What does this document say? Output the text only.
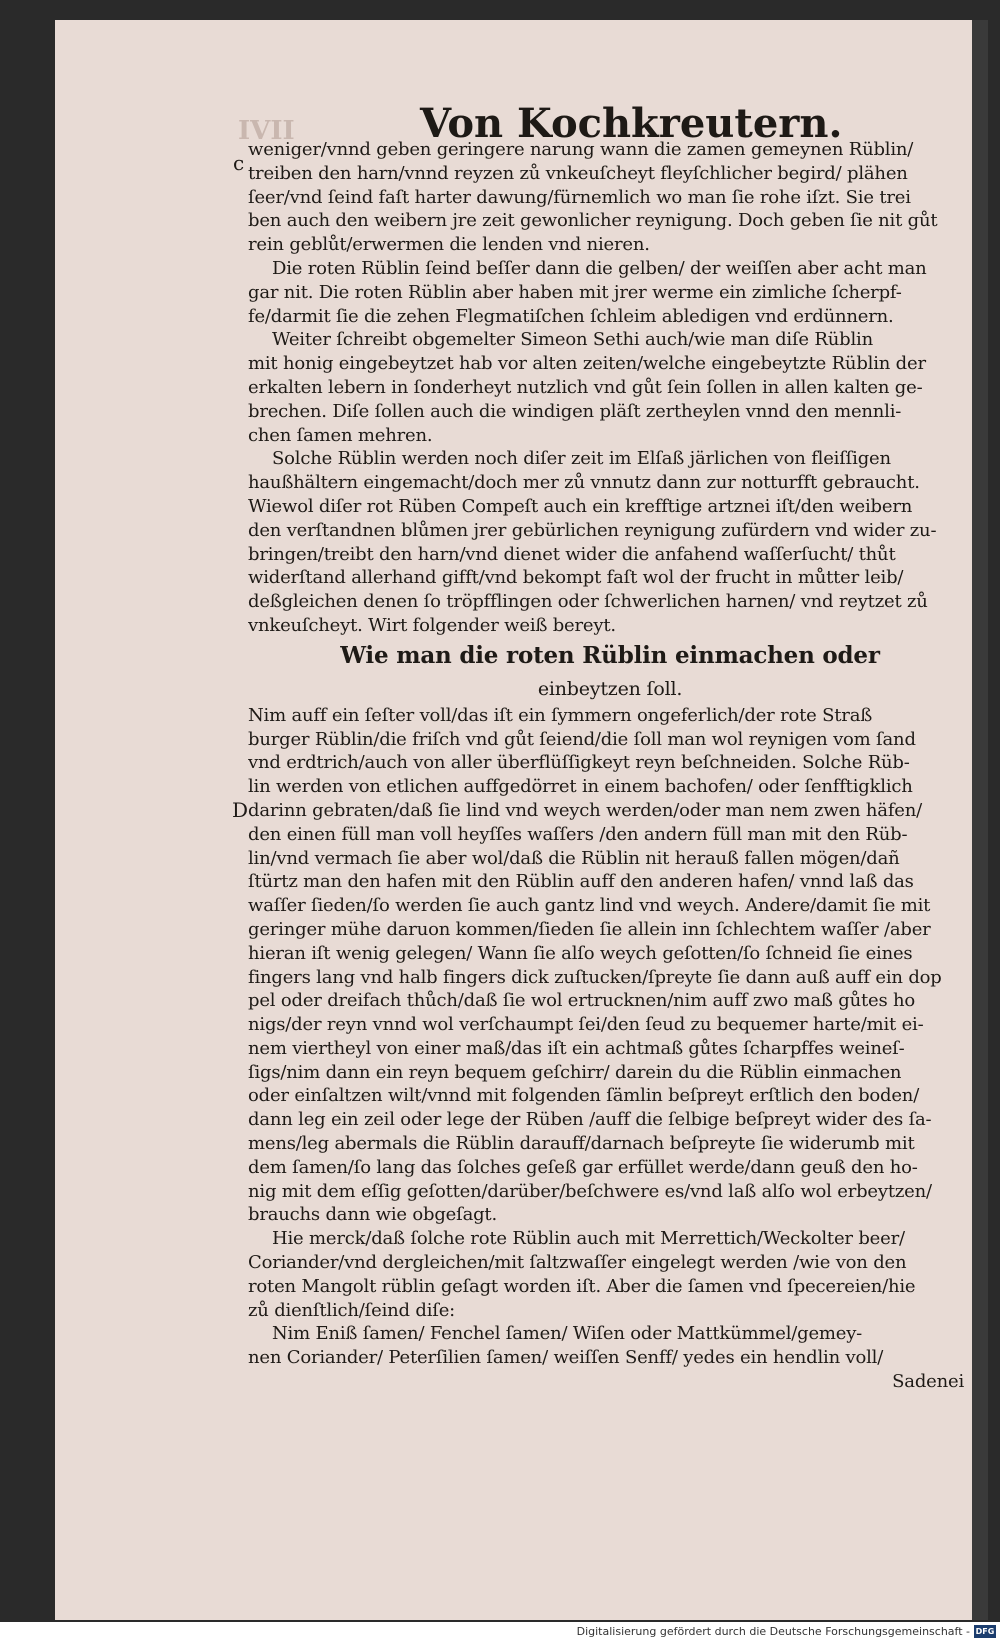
IVII	Von Kochkreutern.
c
D
weniger/vnnd geben geringere narung wann die zamen gemeynen Rüblin/
treiben den harn/vnnd reyzen zů vnkeuſcheyt fleyſchlicher begird/ plähen
ſeer/vnd ſeind faſt harter dawung/fürnemlich wo man ſie rohe iſzt. Sie trei
ben auch den weibern jre zeit gewonlicher reynigung. Doch geben ſie nit gůt
rein geblůt/erwermen die lenden vnd nieren.
Die roten Rüblin ſeind beſſer dann die gelben/ der weiſſen aber acht man
gar nit. Die roten Rüblin aber haben mit jrer werme ein zimliche ſcherpf-
fe/darmit ſie die zehen Flegmatiſchen ſchleim abledigen vnd erdünnern.
Weiter ſchreibt obgemelter Simeon Sethi auch/wie man diſe Rüblin
mit honig eingebeytzet hab vor alten zeiten/welche eingebeytzte Rüblin der
erkalten lebern in ſonderheyt nutzlich vnd gůt ſein ſollen in allen kalten ge-
brechen. Diſe ſollen auch die windigen pläſt zertheylen vnnd den mennli-
chen ſamen mehren.
Solche Rüblin werden noch diſer zeit im Elſaß järlichen von fleiſſigen
haußhältern eingemacht/doch mer zů vnnutz dann zur notturfft gebraucht.
Wiewol diſer rot Rüben Compeſt auch ein krefftige artznei iſt/den weibern
den verſtandnen blůmen jrer gebürlichen reynigung zufürdern vnd wider zu-
bringen/treibt den harn/vnd dienet wider die anfahend waſſerſucht/ thůt
widerſtand allerhand gifft/vnd bekompt faſt wol der frucht in můtter leib/
deßgleichen denen ſo tröpfflingen oder ſchwerlichen harnen/ vnd reytzet zů
vnkeuſcheyt. Wirt folgender weiß bereyt.
Wie man die roten Rüblin einmachen oder
einbeytzen ſoll.
Nim auff ein ſeſter voll/das iſt ein ſymmern ongeferlich/der rote Straß
burger Rüblin/die friſch vnd gůt ſeiend/die ſoll man wol reynigen vom ſand
vnd erdtrich/auch von aller überflüſſigkeyt reyn beſchneiden. Solche Rüb-
lin werden von etlichen auffgedörret in einem bachofen/ oder ſenfftigklich
darinn gebraten/daß ſie lind vnd weych werden/oder man nem zwen häfen/
den einen füll man voll heyſſes waſſers /den andern füll man mit den Rüb-
lin/vnd vermach ſie aber wol/daß die Rüblin nit herauß fallen mögen/dañ
ſtürtz man den hafen mit den Rüblin auff den anderen hafen/ vnnd laß das
waſſer ſieden/ſo werden ſie auch gantz lind vnd weych. Andere/damit ſie mit
geringer mühe daruon kommen/ſieden ſie allein inn ſchlechtem waſſer /aber
hieran iſt wenig gelegen/ Wann ſie alſo weych geſotten/ſo ſchneid ſie eines
fingers lang vnd halb fingers dick zuſtucken/ſpreyte ſie dann auß auff ein dop
pel oder dreifach thůch/daß ſie wol ertrucknen/nim auff zwo maß gůtes ho
nigs/der reyn vnnd wol verſchaumpt ſei/den ſeud zu bequemer harte/mit ei-
nem viertheyl von einer maß/das iſt ein achtmaß gůtes ſcharpffes weineſ-
ſigs/nim dann ein reyn bequem geſchirr/ darein du die Rüblin einmachen
oder einſaltzen wilt/vnnd mit folgenden ſämlin beſpreyt erſtlich den boden/
dann leg ein zeil oder lege der Rüben /auff die ſelbige beſpreyt wider des ſa-
mens/leg abermals die Rüblin darauff/darnach beſpreyte ſie widerumb mit
dem ſamen/ſo lang das ſolches geſeß gar erfüllet werde/dann geuß den ho-
nig mit dem eſſig geſotten/darüber/beſchwere es/vnd laß alſo wol erbeytzen/
brauchs dann wie obgeſagt.
Hie merck/daß ſolche rote Rüblin auch mit Merrettich/Weckolter beer/
Coriander/vnd dergleichen/mit ſaltzwaſſer eingelegt werden /wie von den
roten Mangolt rüblin geſagt worden iſt. Aber die ſamen vnd ſpecereien/hie
zů dienſtlich/ſeind diſe:
Nim Eniß ſamen/ Fenchel ſamen/ Wiſen oder Mattkümmel/gemey-
nen Coriander/ Peterſilien ſamen/ weiſſen Senff/ yedes ein hendlin voll/
Sadenei
Digitalisierung gefördert durch die Deutsche Forschungsgemeinschaft - DFG
